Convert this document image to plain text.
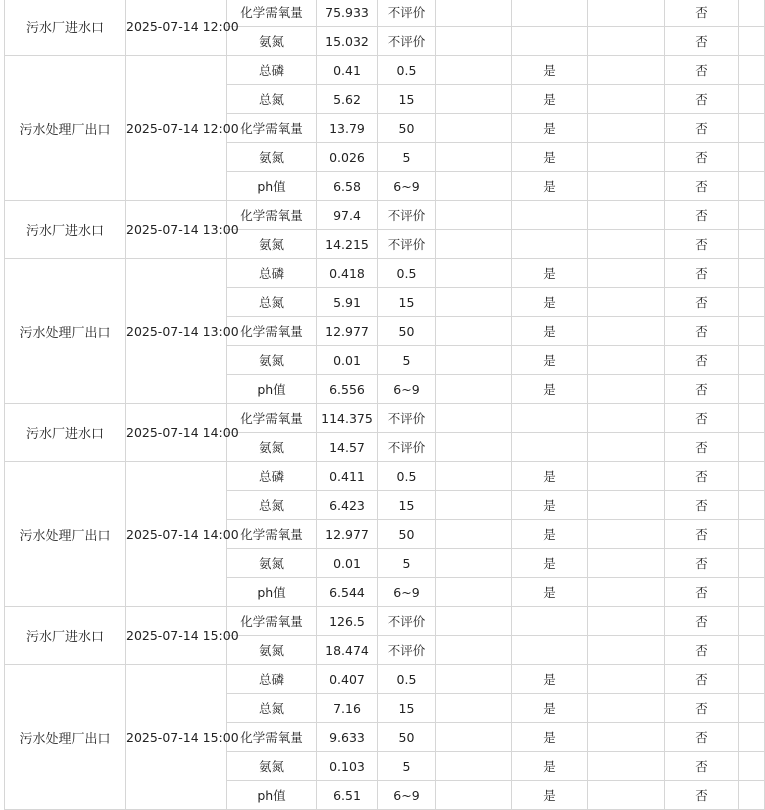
污水厂进水口	2025-07-14 12:00	化学需氧量	75.933	不评价				否	
		氨氮	15.032	不评价				否	
污水处理厂出口	2025-07-14 12:00	总磷	0.41	0.5		是		否	
		总氮	5.62	15		是		否	
		化学需氧量	13.79	50		是		否	
		氨氮	0.026	5		是		否	
		ph值	6.58	6~9		是		否	
污水厂进水口	2025-07-14 13:00	化学需氧量	97.4	不评价				否	
		氨氮	14.215	不评价				否	
污水处理厂出口	2025-07-14 13:00	总磷	0.418	0.5		是		否	
		总氮	5.91	15		是		否	
		化学需氧量	12.977	50		是		否	
		氨氮	0.01	5		是		否	
		ph值	6.556	6~9		是		否	
污水厂进水口	2025-07-14 14:00	化学需氧量	114.375	不评价				否	
		氨氮	14.57	不评价				否	
污水处理厂出口	2025-07-14 14:00	总磷	0.411	0.5		是		否	
		总氮	6.423	15		是		否	
		化学需氧量	12.977	50		是		否	
		氨氮	0.01	5		是		否	
		ph值	6.544	6~9		是		否	
污水厂进水口	2025-07-14 15:00	化学需氧量	126.5	不评价				否	
		氨氮	18.474	不评价				否	
污水处理厂出口	2025-07-14 15:00	总磷	0.407	0.5		是		否	
		总氮	7.16	15		是		否	
		化学需氧量	9.633	50		是		否	
		氨氮	0.103	5		是		否	
		ph值	6.51	6~9		是		否	
